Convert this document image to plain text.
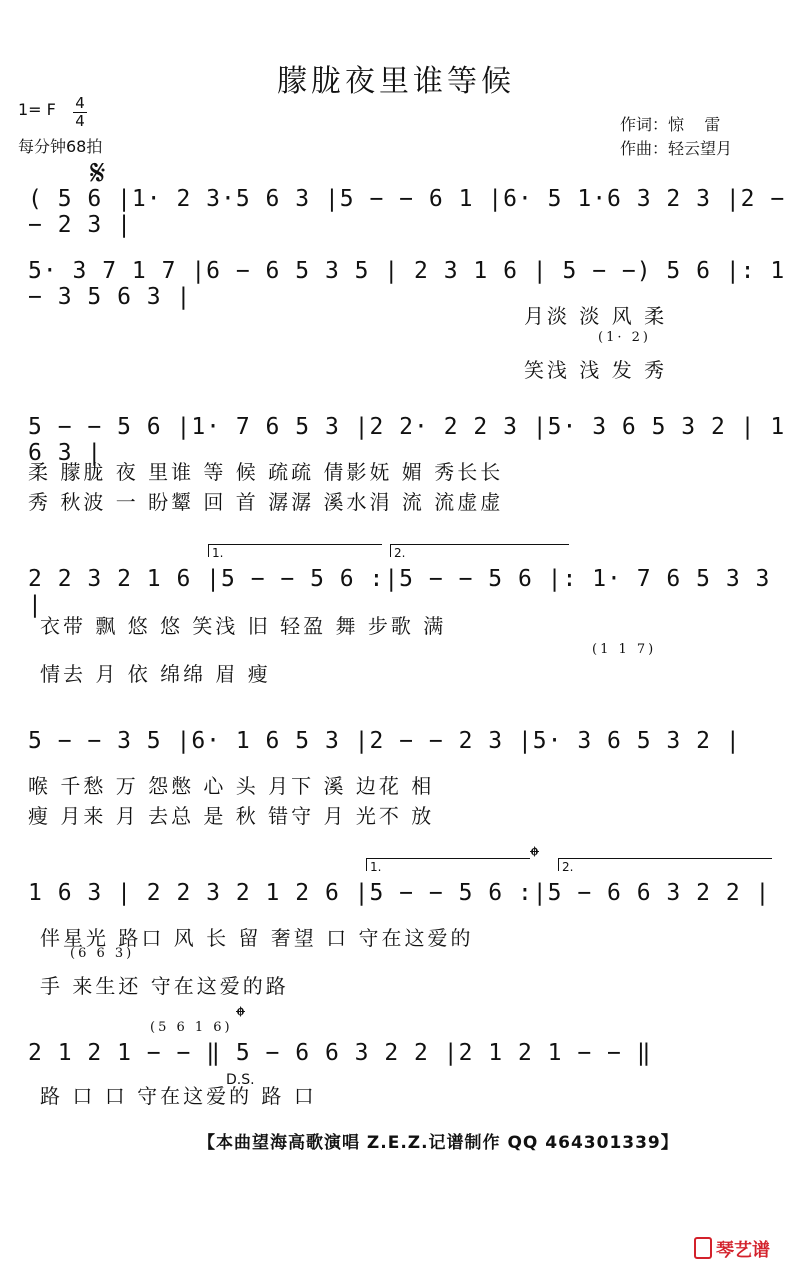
朦胧夜里谁等候
1= F 4
4
每分钟68拍
作词：惊    雷
作曲：轻云望月
𝄋
( 5 6 |1· 2 3·5 6 3 |5 − − 6 1 |6· 5 1·6 3 2 3 |2 − − 2 3 |
5· 3 7 1 7 |6 − 6 5 3 5 | 2 3 1 6 | 5 − −) 5 6 |: 1 − 3 5 6 3 |
月淡 淡 风 柔
(1· 2)
笑浅 浅 发 秀
5 − − 5 6 |1· 7 6 5 3 |2 2· 2 2 3 |5· 3 6 5 3 2 | 1 6 3 |
柔 朦胧 夜 里谁 等 候 疏疏 倩影妩 媚 秀长长
秀 秋波 一 盼颦 回 首 潺潺 溪水涓 流 流虚虚
1.	2.
2 2 3 2 1 6 |5 − − 5 6 :|5 − − 5 6 |: 1· 7 6 5 3 3 |
衣带 飘 悠 悠 笑浅 旧 轻盈 舞 步歌 满
(1 1 7)
情去 月 依 绵绵 眉 瘦
5 − − 3 5 |6· 1 6 5 3 |2 − − 2 3 |5· 3 6 5 3 2 |
喉 千愁 万 怨憋 心 头 月下 溪 边花 相
瘦 月来 月 去总 是 秋 错守 月 光不 放
1.	2.
𝄌
1 6 3 | 2 2 3 2 1 2 6 |5 − − 5 6 :|5 − 6 6 3 2 2 |
伴星光 路口 风 长 留 奢望 口 守在这爱的
(6 6 3)
手 来生还 守在这爱的路
(5 6 1 6) 𝄌
2 1 2 1 − − ‖ 5 − 6 6 3 2 2 |2 1 2 1 − − ‖
D.S.
路 口 口 守在这爱的 路 口
【本曲望海高歌演唱 Z.E.Z.记谱制作 QQ 464301339】
琴艺谱
